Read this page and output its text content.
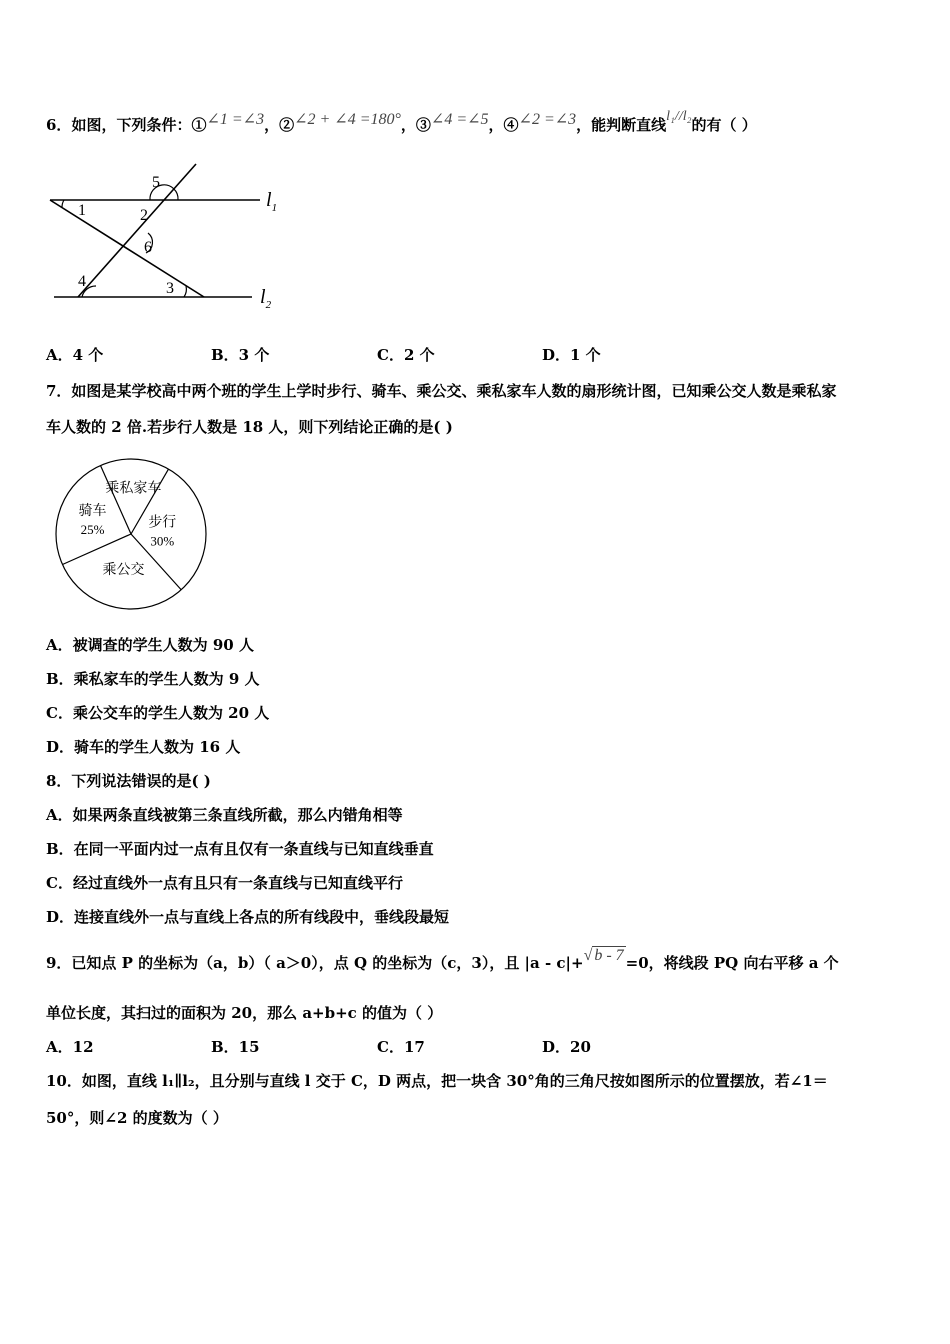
6．如图，下列条件：①∠1 =∠3，②∠2 + ∠4 =180°，③∠4 =∠5，④∠2 =∠3，能判断直线l₁//l₂的有（ ）
1	2
3
4
5
6
$l_1$
$l_2$
A．4 个	B．3 个	C．2 个	D．1 个
7．如图是某学校高中两个班的学生上学时步行、骑车、乘公交、乘私家车人数的扇形统计图，已知乘公交人数是乘私家
车人数的 2 倍.若步行人数是 18 人，则下列结论正确的是( )
步行
30%
乘公交
骑车
25%
乘私家车
A．被调查的学生人数为 90 人
B．乘私家车的学生人数为 9 人
C．乘公交车的学生人数为 20 人
D．骑车的学生人数为 16 人
8．下列说法错误的是( )
A．如果两条直线被第三条直线所截，那么内错角相等
B．在同一平面内过一点有且仅有一条直线与已知直线垂直
C．经过直线外一点有且只有一条直线与已知直线平行
D．连接直线外一点与直线上各点的所有线段中，垂线段最短
9．已知点 P 的坐标为（a，b）（ a＞0），点 Q 的坐标为（c，3），且 |a - c|+√ b - 7 =0，将线段 PQ 向右平移 a 个
单位长度，其扫过的面积为 20，那么 a+b+c 的值为（ ）
A．12	B．15	C．17	D．20
10．如图，直线 l₁∥l₂，且分别与直线 l 交于 C，D 两点，把一块含 30°角的三角尺按如图所示的位置摆放，若∠1＝
50°，则∠2 的度数为（ ）
